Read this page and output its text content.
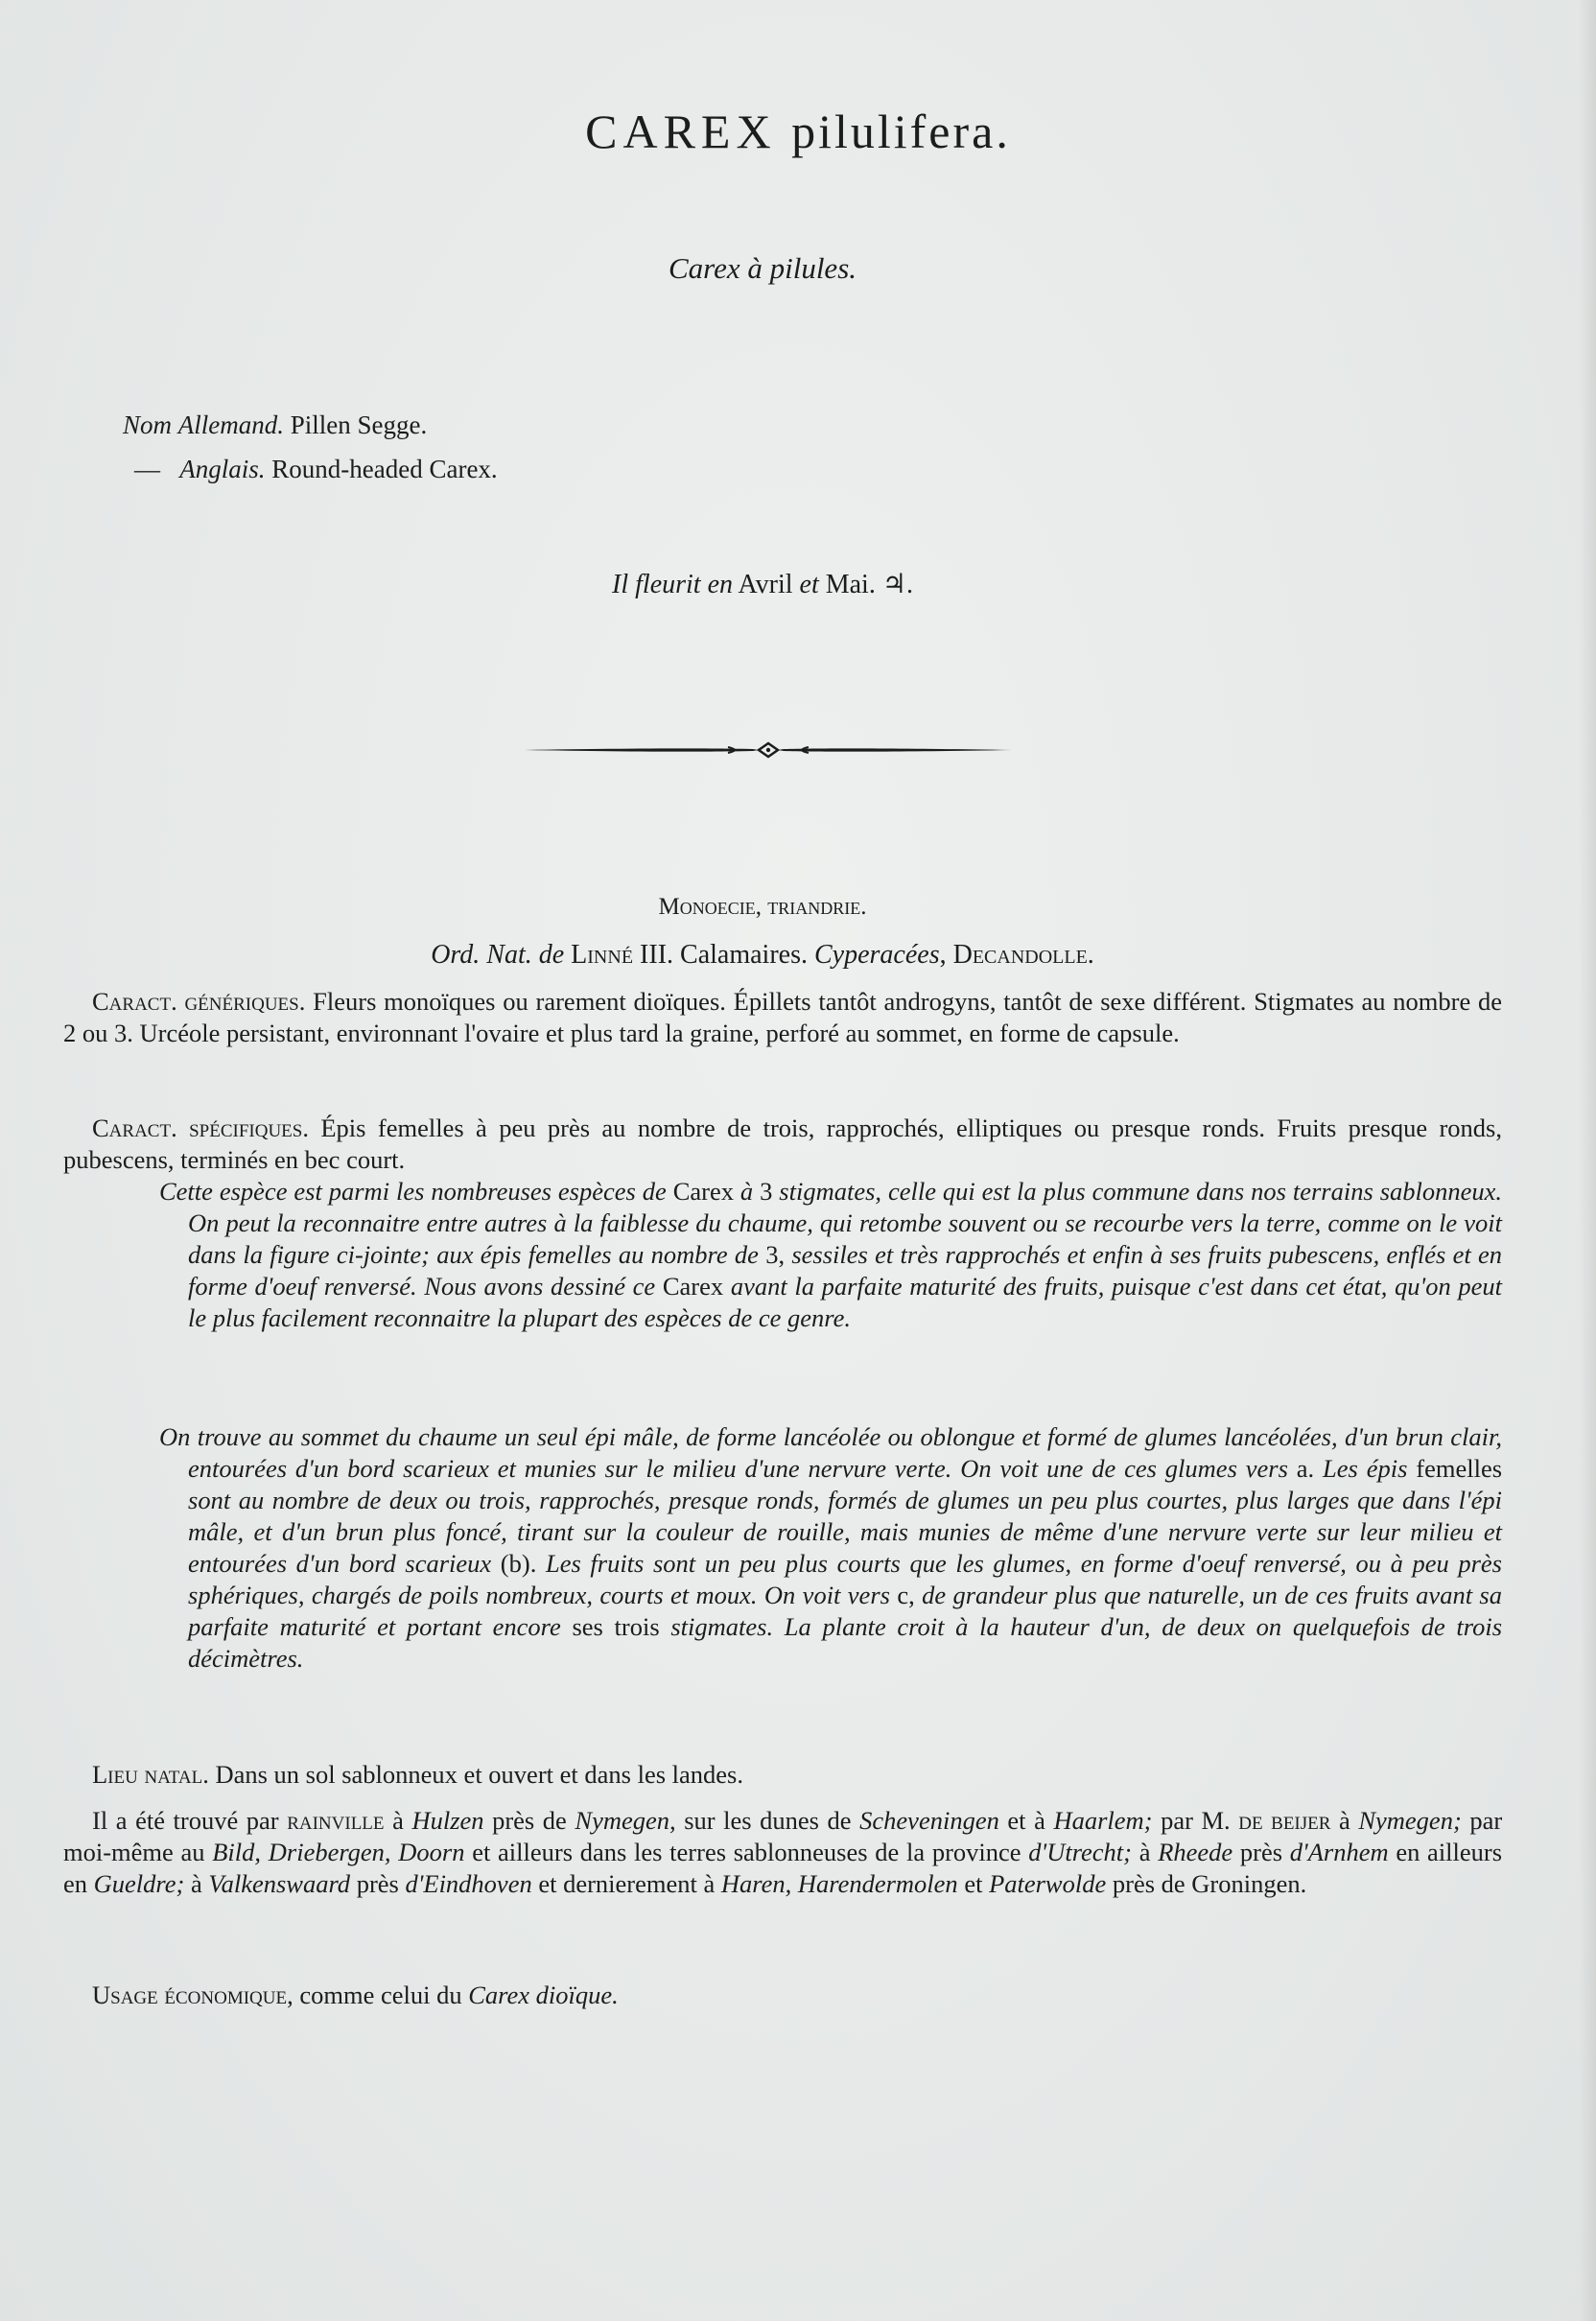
CAREX pilulifera.
Carex à pilules.
Nom Allemand. Pillen Segge.
— Anglais. Round-headed Carex.
Il fleurit en Avril et Mai. ♃.
Monoecie, triandrie.
Ord. Nat. de Linné III. Calamaires. Cyperacées, Decandolle.
Caract. génériques. Fleurs monoïques ou rarement dioïques. Épillets tantôt androgyns, tantôt de sexe différent. Stigmates au nombre de 2 ou 3. Urcéole persistant, environnant l'ovaire et plus tard la graine, perforé au sommet, en forme de capsule.
Caract. spécifiques. Épis femelles à peu près au nombre de trois, rapprochés, elliptiques ou presque ronds. Fruits presque ronds, pubescens, terminés en bec court.
Cette espèce est parmi les nombreuses espèces de Carex à 3 stigmates, celle qui est la plus commune dans nos terrains sablonneux. On peut la reconnaitre entre autres à la faiblesse du chaume, qui retombe souvent ou se recourbe vers la terre, comme on le voit dans la figure ci-jointe; aux épis femelles au nombre de 3, sessiles et très rapprochés et enfin à ses fruits pubescens, enflés et en forme d'oeuf renversé. Nous avons dessiné ce Carex avant la parfaite maturité des fruits, puisque c'est dans cet état, qu'on peut le plus facilement reconnaitre la plupart des espèces de ce genre.
On trouve au sommet du chaume un seul épi mâle, de forme lancéolée ou oblongue et formé de glumes lancéolées, d'un brun clair, entourées d'un bord scarieux et munies sur le milieu d'une nervure verte. On voit une de ces glumes vers a. Les épis femelles sont au nombre de deux ou trois, rapprochés, presque ronds, formés de glumes un peu plus courtes, plus larges que dans l'épi mâle, et d'un brun plus foncé, tirant sur la couleur de rouille, mais munies de même d'une nervure verte sur leur milieu et entourées d'un bord scarieux (b). Les fruits sont un peu plus courts que les glumes, en forme d'oeuf renversé, ou à peu près sphériques, chargés de poils nombreux, courts et moux. On voit vers c, de grandeur plus que naturelle, un de ces fruits avant sa parfaite maturité et portant encore ses trois stigmates. La plante croit à la hauteur d'un, de deux on quelquefois de trois décimètres.
Lieu natal. Dans un sol sablonneux et ouvert et dans les landes.
Il a été trouvé par rainville à Hulzen près de Nymegen, sur les dunes de Scheveningen et à Haarlem; par M. de beijer à Nymegen; par moi-même au Bild, Driebergen, Doorn et ailleurs dans les terres sablonneuses de la province d'Utrecht; à Rheede près d'Arnhem en ailleurs en Gueldre; à Valkenswaard près d'Eindhoven et dernierement à Haren, Harendermolen et Paterwolde près de Groningen.
Usage économique, comme celui du Carex dioïque.
